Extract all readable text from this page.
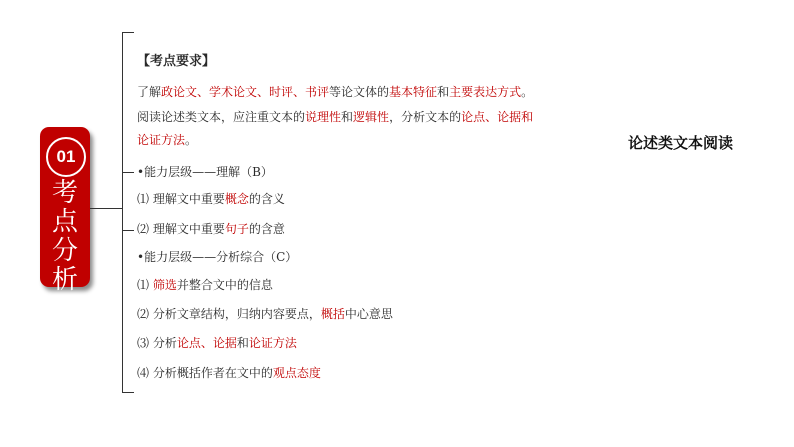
01
考
点
分
析
【考点要求】
了解政论文、学术论文、时评、书评等论文体的基本特征和主要表达方式。
阅读论述类文本，应注重文本的说理性和逻辑性，分析文本的论点、论据和
论证方法。
•能力层级——理解（B）
⑴ 理解文中重要概念的含义
⑵ 理解文中重要句子的含意
•能力层级——分析综合（C）
⑴ 筛选并整合文中的信息
⑵ 分析文章结构，归纳内容要点，概括中心意思
⑶ 分析论点、论据和论证方法
⑷ 分析概括作者在文中的观点态度
论述类文本阅读
